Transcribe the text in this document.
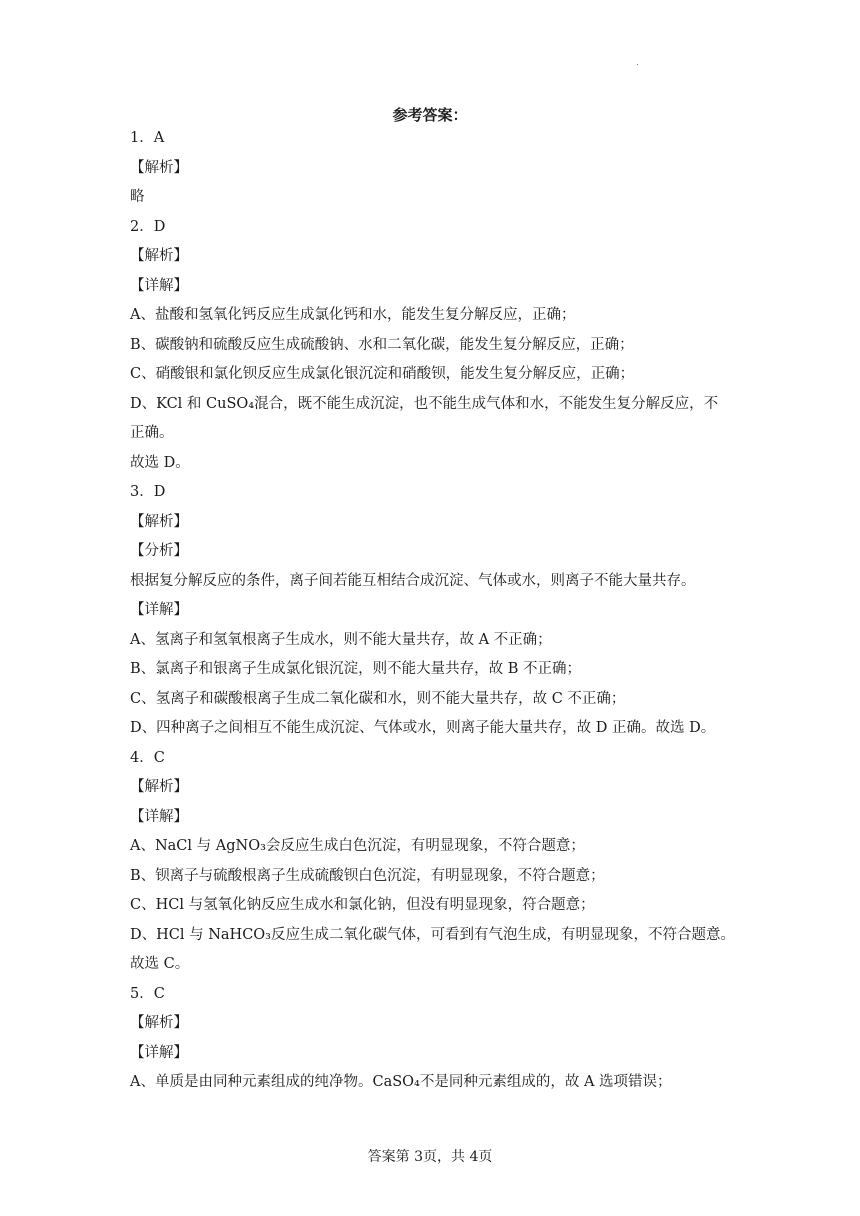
.
参考答案：
1．A
【解析】
略
2．D
【解析】
【详解】
A、盐酸和氢氧化钙反应生成氯化钙和水，能发生复分解反应，正确；
B、碳酸钠和硫酸反应生成硫酸钠、水和二氧化碳，能发生复分解反应，正确；
C、硝酸银和氯化钡反应生成氯化银沉淀和硝酸钡，能发生复分解反应，正确；
D、KCl 和 CuSO₄混合，既不能生成沉淀，也不能生成气体和水，不能发生复分解反应，不
正确。
故选 D。
3．D
【解析】
【分析】
根据复分解反应的条件，离子间若能互相结合成沉淀、气体或水，则离子不能大量共存。
【详解】
A、氢离子和氢氧根离子生成水，则不能大量共存，故 A 不正确；
B、氯离子和银离子生成氯化银沉淀，则不能大量共存，故 B 不正确；
C、氢离子和碳酸根离子生成二氧化碳和水，则不能大量共存，故 C 不正确；
D、四种离子之间相互不能生成沉淀、气体或水，则离子能大量共存，故 D 正确。故选 D。
4．C
【解析】
【详解】
A、NaCl 与 AgNO₃会反应生成白色沉淀，有明显现象，不符合题意；
B、钡离子与硫酸根离子生成硫酸钡白色沉淀，有明显现象，不符合题意；
C、HCl 与氢氧化钠反应生成水和氯化钠，但没有明显现象，符合题意；
D、HCl 与 NaHCO₃反应生成二氧化碳气体，可看到有气泡生成，有明显现象，不符合题意。
故选 C。
5．C
【解析】
【详解】
A、单质是由同种元素组成的纯净物。CaSO₄不是同种元素组成的，故 A 选项错误；
答案第 3页，共 4页
